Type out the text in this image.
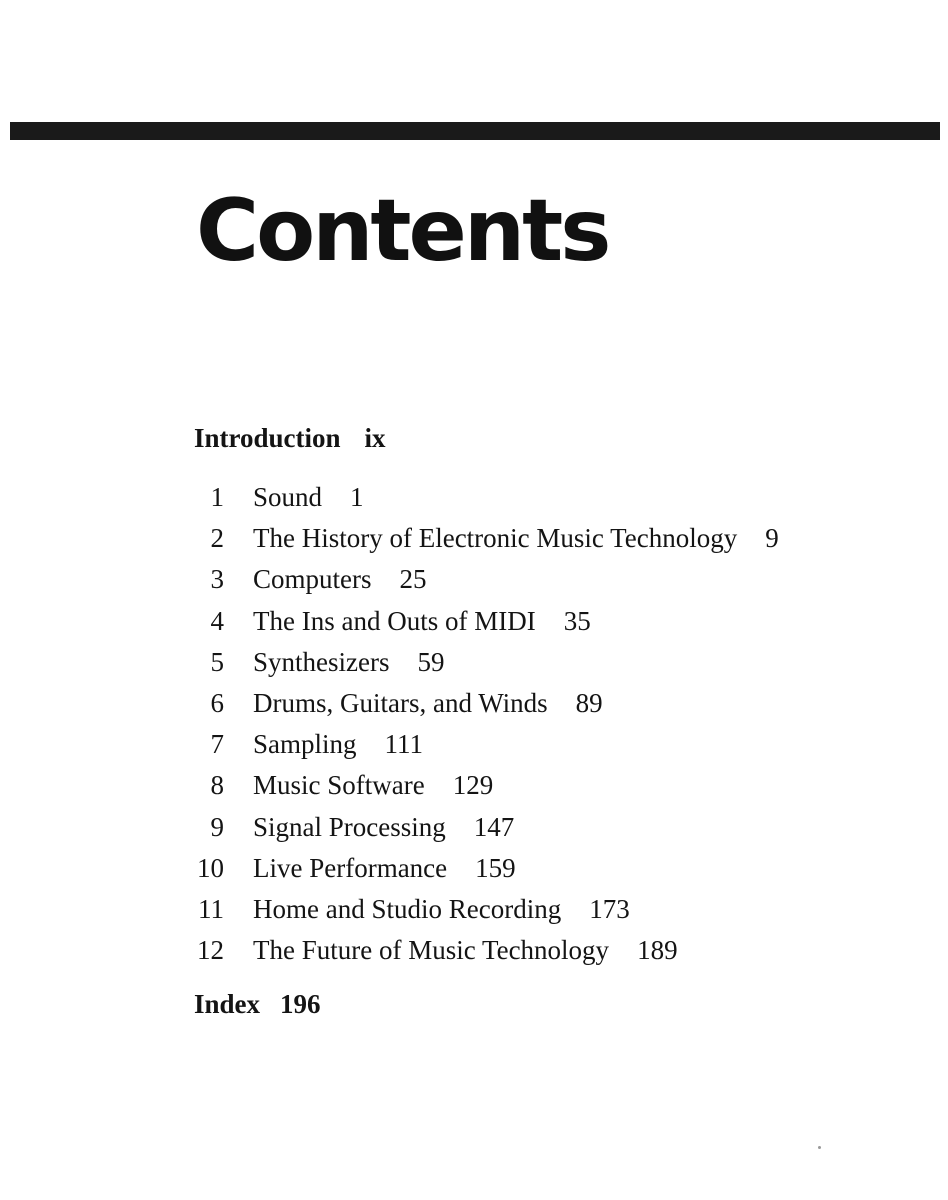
Contents
Introduction ix
1 Sound 1
2 The History of Electronic Music Technology 9
3 Computers 25
4 The Ins and Outs of MIDI 35
5 Synthesizers 59
6 Drums, Guitars, and Winds 89
7 Sampling 111
8 Music Software 129
9 Signal Processing 147
10 Live Performance 159
11 Home and Studio Recording 173
12 The Future of Music Technology 189
Index 196
